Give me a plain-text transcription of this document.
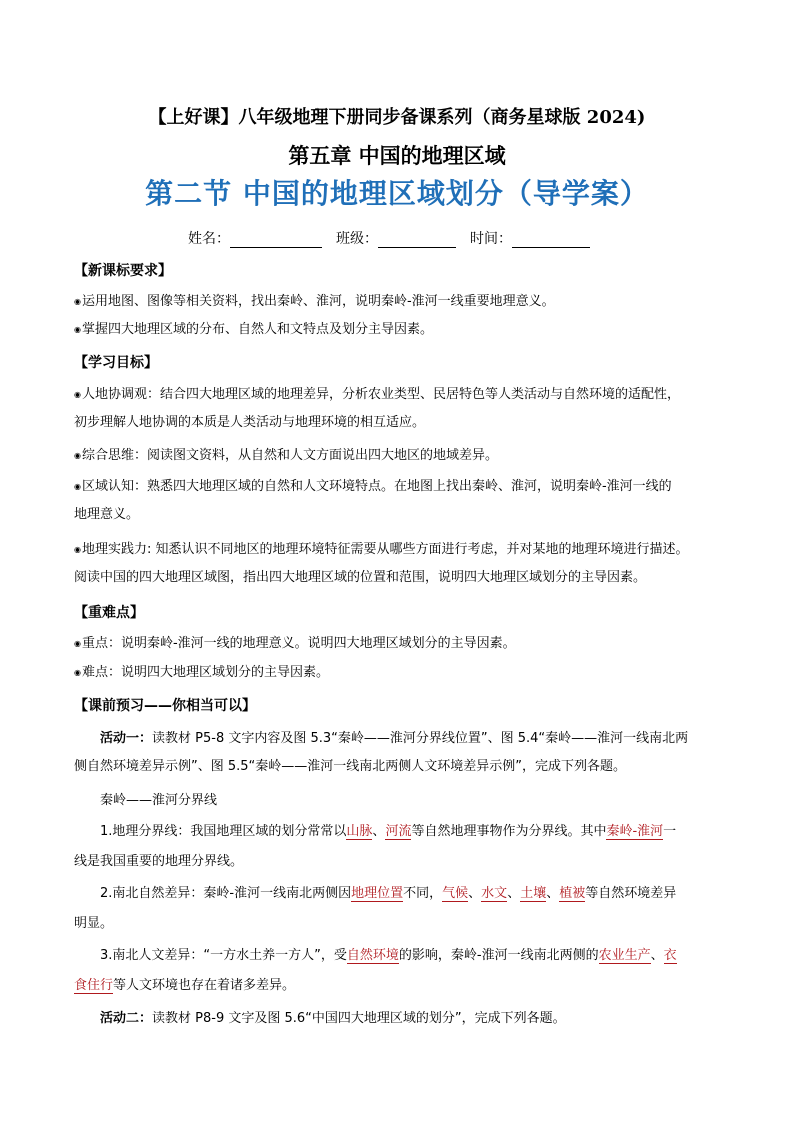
【上好课】八年级地理下册同步备课系列（商务星球版 2024)
第五章 中国的地理区域
第二节 中国的地理区域划分（导学案）
姓名：	班级：	时间：
【新课标要求】
◉运用地图、图像等相关资料，找出秦岭、淮河，说明秦岭-淮河一线重要地理意义。
◉掌握四大地理区域的分布、自然人和文特点及划分主导因素。
【学习目标】
◉人地协调观：结合四大地理区域的地理差异，分析农业类型、民居特色等人类活动与自然环境的适配性，
初步理解人地协调的本质是人类活动与地理环境的相互适应。
◉综合思维：阅读图文资料，从自然和人文方面说出四大地区的地域差异。
◉区域认知：熟悉四大地理区域的自然和人文环境特点。在地图上找出秦岭、淮河，说明秦岭-淮河一线的
地理意义。
◉地理实践力: 知悉认识不同地区的地理环境特征需要从哪些方面进行考虑，并对某地的地理环境进行描述。
阅读中国的四大地理区域图，指出四大地理区域的位置和范围，说明四大地理区域划分的主导因素。
【重难点】
◉重点：说明秦岭-淮河一线的地理意义。说明四大地理区域划分的主导因素。
◉难点：说明四大地理区域划分的主导因素。
【课前预习——你相当可以】
活动一：读教材 P5-8 文字内容及图 5.3“秦岭——淮河分界线位置”、图 5.4“秦岭——淮河一线南北两
侧自然环境差异示例”、图 5.5“秦岭——淮河一线南北两侧人文环境差异示例”，完成下列各题。
秦岭——淮河分界线
1.地理分界线：我国地理区域的划分常常以山脉、河流等自然地理事物作为分界线。其中秦岭-淮河一
线是我国重要的地理分界线。
2.南北自然差异：秦岭-淮河一线南北两侧因地理位置不同，气候、水文、土壤、植被等自然环境差异
明显。
3.南北人文差异：“一方水土养一方人”，受自然环境的影响，秦岭-淮河一线南北两侧的农业生产、衣
食住行等人文环境也存在着诸多差异。
活动二：读教材 P8-9 文字及图 5.6“中国四大地理区域的划分”，完成下列各题。
